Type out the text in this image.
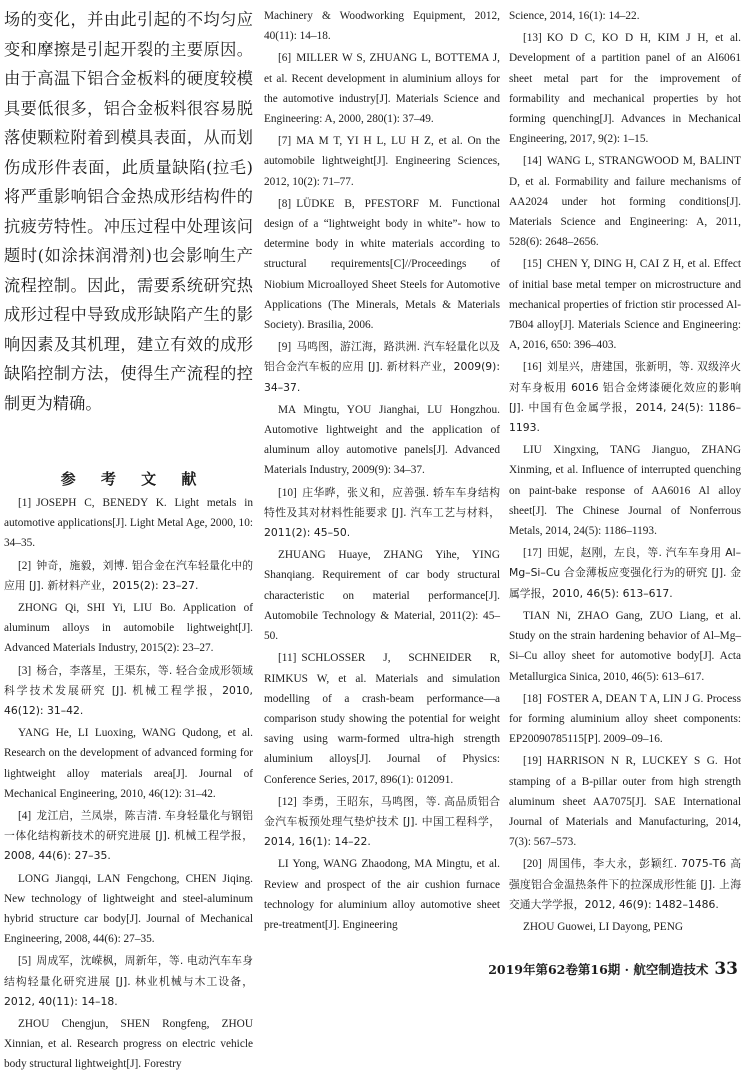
场的变化，并由此引起的不均匀应变和摩擦是引起开裂的主要原因。由于高温下铝合金板料的硬度较模具要低很多，铝合金板料很容易脱落使颗粒附着到模具表面，从而划伤成形件表面，此质量缺陷(拉毛)将严重影响铝合金热成形结构件的抗疲劳特性。冲压过程中处理该问题时(如涂抹润滑剂)也会影响生产流程控制。因此，需要系统研究热成形过程中导致成形缺陷产生的影响因素及其机理，建立有效的成形缺陷控制方法，使得生产流程的控制更为精确。

参 考 文 献

[1] JOSEPH C, BENEDY K. Light metals in automotive applications[J]. Light Metal Age, 2000, 10: 34–35.

[2] 钟奇，施毅，刘博. 铝合金在汽车轻量化中的应用 [J]. 新材料产业，2015(2): 23–27.

ZHONG Qi, SHI Yi, LIU Bo. Application of aluminum alloys in automobile lightweight[J]. Advanced Materials Industry, 2015(2): 23–27.

[3] 杨合，李落星，王渠东，等. 轻合金成形领域科学技术发展研究 [J]. 机械工程学报，2010, 46(12): 31–42.

YANG He, LI Luoxing, WANG Qudong, et al. Research on the development of advanced forming for lightweight alloy materials area[J]. Journal of Mechanical Engineering, 2010, 46(12): 31–42.

[4] 龙江启，兰凤崇，陈吉清. 车身轻量化与钢铝一体化结构新技术的研究进展 [J]. 机械工程学报，2008, 44(6): 27–35.

LONG Jiangqi, LAN Fengchong, CHEN Jiqing. New technology of lightweight and steel-aluminum hybrid structure car body[J]. Journal of Mechanical Engineering, 2008, 44(6): 27–35.

[5] 周成军，沈嵘枫，周新年，等. 电动汽车车身结构轻量化研究进展 [J]. 林业机械与木工设备，2012, 40(11): 14–18.

ZHOU Chengjun, SHEN Rongfeng, ZHOU Xinnian, et al. Research progress on electric vehicle body structural lightweight[J]. Forestry

Machinery & Woodworking Equipment, 2012, 40(11): 14–18.

[6] MILLER W S, ZHUANG L, BOTTEMA J, et al. Recent development in aluminium alloys for the automotive industry[J]. Materials Science and Engineering: A, 2000, 280(1): 37–49.

[7] MA M T, YI H L, LU H Z, et al. On the automobile lightweight[J]. Engineering Sciences, 2012, 10(2): 71–77.

[8] LÜDKE B, PFESTORF M. Functional design of a “lightweight body in white”- how to determine body in white materials according to structural requirements[C]//Proceedings of Niobium Microalloyed Sheet Steels for Automotive Applications (The Minerals, Metals & Materials Society). Brasilia, 2006.

[9] 马鸣图，游江海，路洪洲. 汽车轻量化以及铝合金汽车板的应用 [J]. 新材料产业，2009(9): 34–37.

MA Mingtu, YOU Jianghai, LU Hongzhou. Automotive lightweight and the application of aluminum alloy automotive panels[J]. Advanced Materials Industry, 2009(9): 34–37.

[10] 庄华晔，张义和，应善强. 轿车车身结构特性及其对材料性能要求 [J]. 汽车工艺与材料，2011(2): 45–50.

ZHUANG Huaye, ZHANG Yihe, YING Shanqiang. Requirement of car body structural characteristic on material performance[J]. Automobile Technology & Material, 2011(2): 45–50.

[11] SCHLOSSER J, SCHNEIDER R, RIMKUS W, et al. Materials and simulation modelling of a crash-beam performance—a comparison study showing the potential for weight saving using warm-formed ultra-high strength aluminium alloys[J]. Journal of Physics: Conference Series, 2017, 896(1): 012091.

[12] 李勇，王昭东，马鸣图，等. 高品质铝合金汽车板预处理气垫炉技术 [J]. 中国工程科学，2014, 16(1): 14–22.

LI Yong, WANG Zhaodong, MA Mingtu, et al. Review and prospect of the air cushion furnace technology for aluminium alloy automotive sheet pre-treatment[J]. Engineering

Science, 2014, 16(1): 14–22.

[13] KO D C, KO D H, KIM J H, et al. Development of a partition panel of an Al6061 sheet metal part for the improvement of formability and mechanical properties by hot forming quenching[J]. Advances in Mechanical Engineering, 2017, 9(2): 1–15.

[14] WANG L, STRANGWOOD M, BALINT D, et al. Formability and failure mechanisms of AA2024 under hot forming conditions[J]. Materials Science and Engineering: A, 2011, 528(6): 2648–2656.

[15] CHEN Y, DING H, CAI Z H, et al. Effect of initial base metal temper on microstructure and mechanical properties of friction stir processed Al-7B04 alloy[J]. Materials Science and Engineering: A, 2016, 650: 396–403.

[16] 刘星兴，唐建国，张新明，等. 双级淬火对车身板用 6016 铝合金烤漆硬化效应的影响 [J]. 中国有色金属学报，2014, 24(5): 1186–1193.

LIU Xingxing, TANG Jianguo, ZHANG Xinming, et al. Influence of interrupted quenching on paint-bake response of AA6016 Al alloy sheet[J]. The Chinese Journal of Nonferrous Metals, 2014, 24(5): 1186–1193.

[17] 田妮，赵刚，左良，等. 汽车车身用 Al–Mg–Si–Cu 合金薄板应变强化行为的研究 [J]. 金属学报，2010, 46(5): 613–617.

TIAN Ni, ZHAO Gang, ZUO Liang, et al. Study on the strain hardening behavior of Al–Mg–Si–Cu alloy sheet for automotive body[J]. Acta Metallurgica Sinica, 2010, 46(5): 613–617.

[18] FOSTER A, DEAN T A, LIN J G. Process for forming aluminium alloy sheet components: EP20090785115[P]. 2009–09–16.

[19] HARRISON N R, LUCKEY S G. Hot stamping of a B-pillar outer from high strength aluminum sheet AA7075[J]. SAE International Journal of Materials and Manufacturing, 2014, 7(3): 567–573.

[20] 周国伟，李大永，彭颖红. 7075-T6 高强度铝合金温热条件下的拉深成形性能 [J]. 上海交通大学学报，2012, 46(9): 1482–1486.

ZHOU Guowei, LI Dayong, PENG

2019年第62卷第16期 · 航空制造技术 33
